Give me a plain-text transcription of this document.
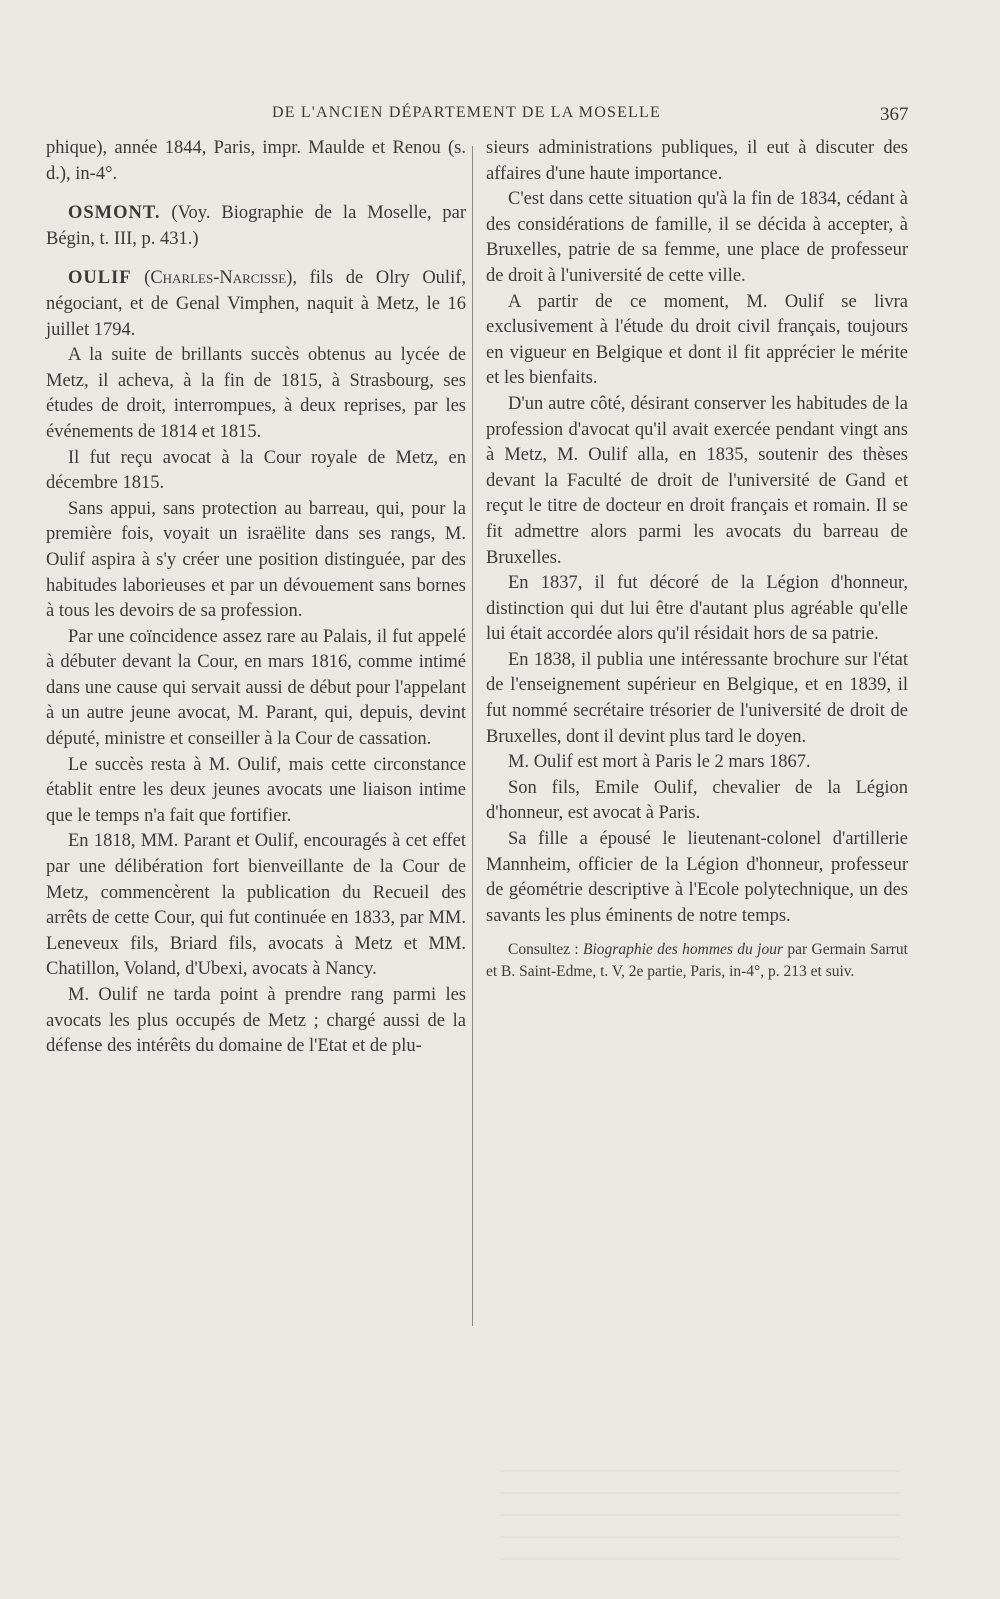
DE L'ANCIEN DÉPARTEMENT DE LA MOSELLE	367

phique), année 1844, Paris, impr. Maulde et Renou (s. d.), in-4°.

OSMONT. (Voy. Biographie de la Moselle, par Bégin, t. III, p. 431.)

OULIF (Charles-Narcisse), fils de Olry Oulif, négociant, et de Genal Vimphen, naquit à Metz, le 16 juillet 1794.

A la suite de brillants succès obtenus au lycée de Metz, il acheva, à la fin de 1815, à Strasbourg, ses études de droit, interrompues, à deux reprises, par les événements de 1814 et 1815.

Il fut reçu avocat à la Cour royale de Metz, en décembre 1815.

Sans appui, sans protection au barreau, qui, pour la première fois, voyait un israëlite dans ses rangs, M. Oulif aspira à s'y créer une position distinguée, par des habitudes laborieuses et par un dévouement sans bornes à tous les devoirs de sa profession.

Par une coïncidence assez rare au Palais, il fut appelé à débuter devant la Cour, en mars 1816, comme intimé dans une cause qui servait aussi de début pour l'appelant à un autre jeune avocat, M. Parant, qui, depuis, devint député, ministre et conseiller à la Cour de cassation.

Le succès resta à M. Oulif, mais cette circonstance établit entre les deux jeunes avocats une liaison intime que le temps n'a fait que fortifier.

En 1818, MM. Parant et Oulif, encouragés à cet effet par une délibération fort bienveillante de la Cour de Metz, commencèrent la publication du Recueil des arrêts de cette Cour, qui fut continuée en 1833, par MM. Leneveux fils, Briard fils, avocats à Metz et MM. Chatillon, Voland, d'Ubexi, avocats à Nancy.

M. Oulif ne tarda point à prendre rang parmi les avocats les plus occupés de Metz ; chargé aussi de la défense des intérêts du domaine de l'Etat et de plu-

sieurs administrations publiques, il eut à discuter des affaires d'une haute importance.

C'est dans cette situation qu'à la fin de 1834, cédant à des considérations de famille, il se décida à accepter, à Bruxelles, patrie de sa femme, une place de professeur de droit à l'université de cette ville.

A partir de ce moment, M. Oulif se livra exclusivement à l'étude du droit civil français, toujours en vigueur en Belgique et dont il fit apprécier le mérite et les bienfaits.

D'un autre côté, désirant conserver les habitudes de la profession d'avocat qu'il avait exercée pendant vingt ans à Metz, M. Oulif alla, en 1835, soutenir des thèses devant la Faculté de droit de l'université de Gand et reçut le titre de docteur en droit français et romain. Il se fit admettre alors parmi les avocats du barreau de Bruxelles.

En 1837, il fut décoré de la Légion d'honneur, distinction qui dut lui être d'autant plus agréable qu'elle lui était accordée alors qu'il résidait hors de sa patrie.

En 1838, il publia une intéressante brochure sur l'état de l'enseignement supérieur en Belgique, et en 1839, il fut nommé secrétaire trésorier de l'université de droit de Bruxelles, dont il devint plus tard le doyen.

M. Oulif est mort à Paris le 2 mars 1867.

Son fils, Emile Oulif, chevalier de la Légion d'honneur, est avocat à Paris.

Sa fille a épousé le lieutenant-colonel d'artillerie Mannheim, officier de la Légion d'honneur, professeur de géométrie descriptive à l'Ecole polytechnique, un des savants les plus éminents de notre temps.

Consultez : Biographie des hommes du jour par Germain Sarrut et B. Saint-Edme, t. V, 2e partie, Paris, in-4°, p. 213 et suiv.
